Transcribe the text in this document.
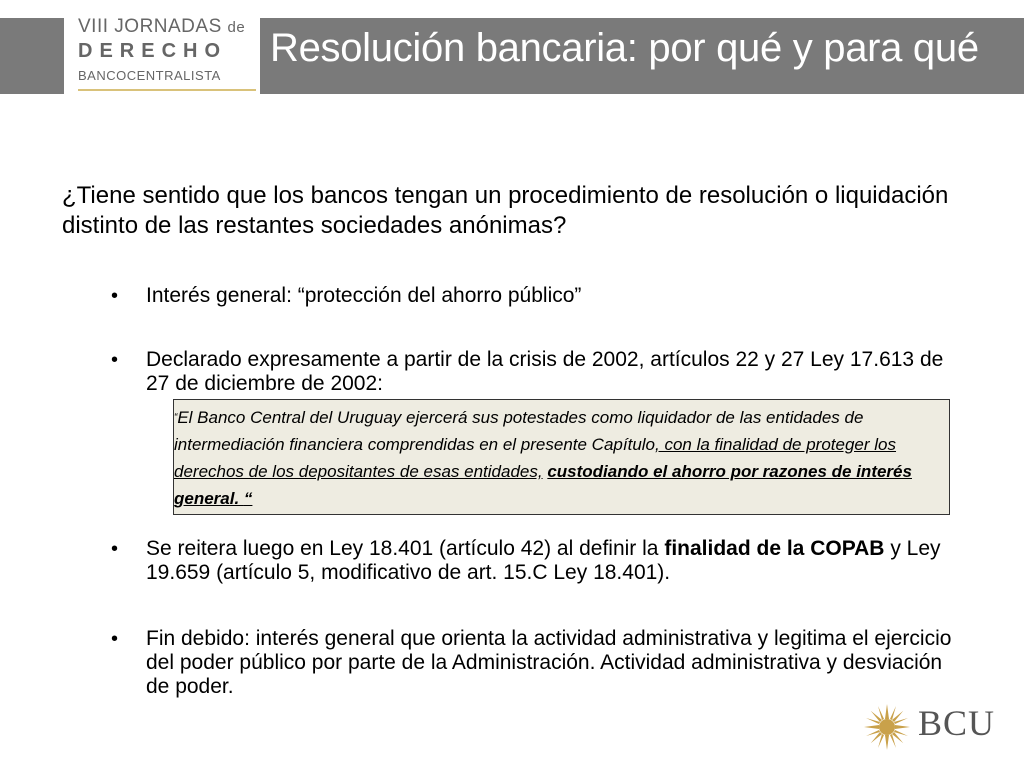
VIII JORNADAS de
DERECHO
BANCOCENTRALISTA
Resolución bancaria: por qué y para qué
¿Tiene sentido que los bancos tengan un procedimiento de resolución o liquidación distinto de las restantes sociedades anónimas?
• Interés general: “protección del ahorro público”
• Declarado expresamente a partir de la crisis de 2002, artículos 22 y 27 Ley 17.613 de 27 de diciembre de 2002:
“El Banco Central del Uruguay ejercerá sus potestades como liquidador de las entidades de intermediación financiera comprendidas en el presente Capítulo, con la finalidad de proteger los derechos de los depositantes de esas entidades, custodiando el ahorro por razones de interés general. “
• Se reitera luego en Ley 18.401 (artículo 42) al definir la finalidad de la COPAB y Ley 19.659 (artículo 5, modificativo de art. 15.C Ley 18.401).
• Fin debido: interés general que orienta la actividad administrativa y legitima el ejercicio del poder público por parte de la Administración. Actividad administrativa y desviación de poder.
BCU
